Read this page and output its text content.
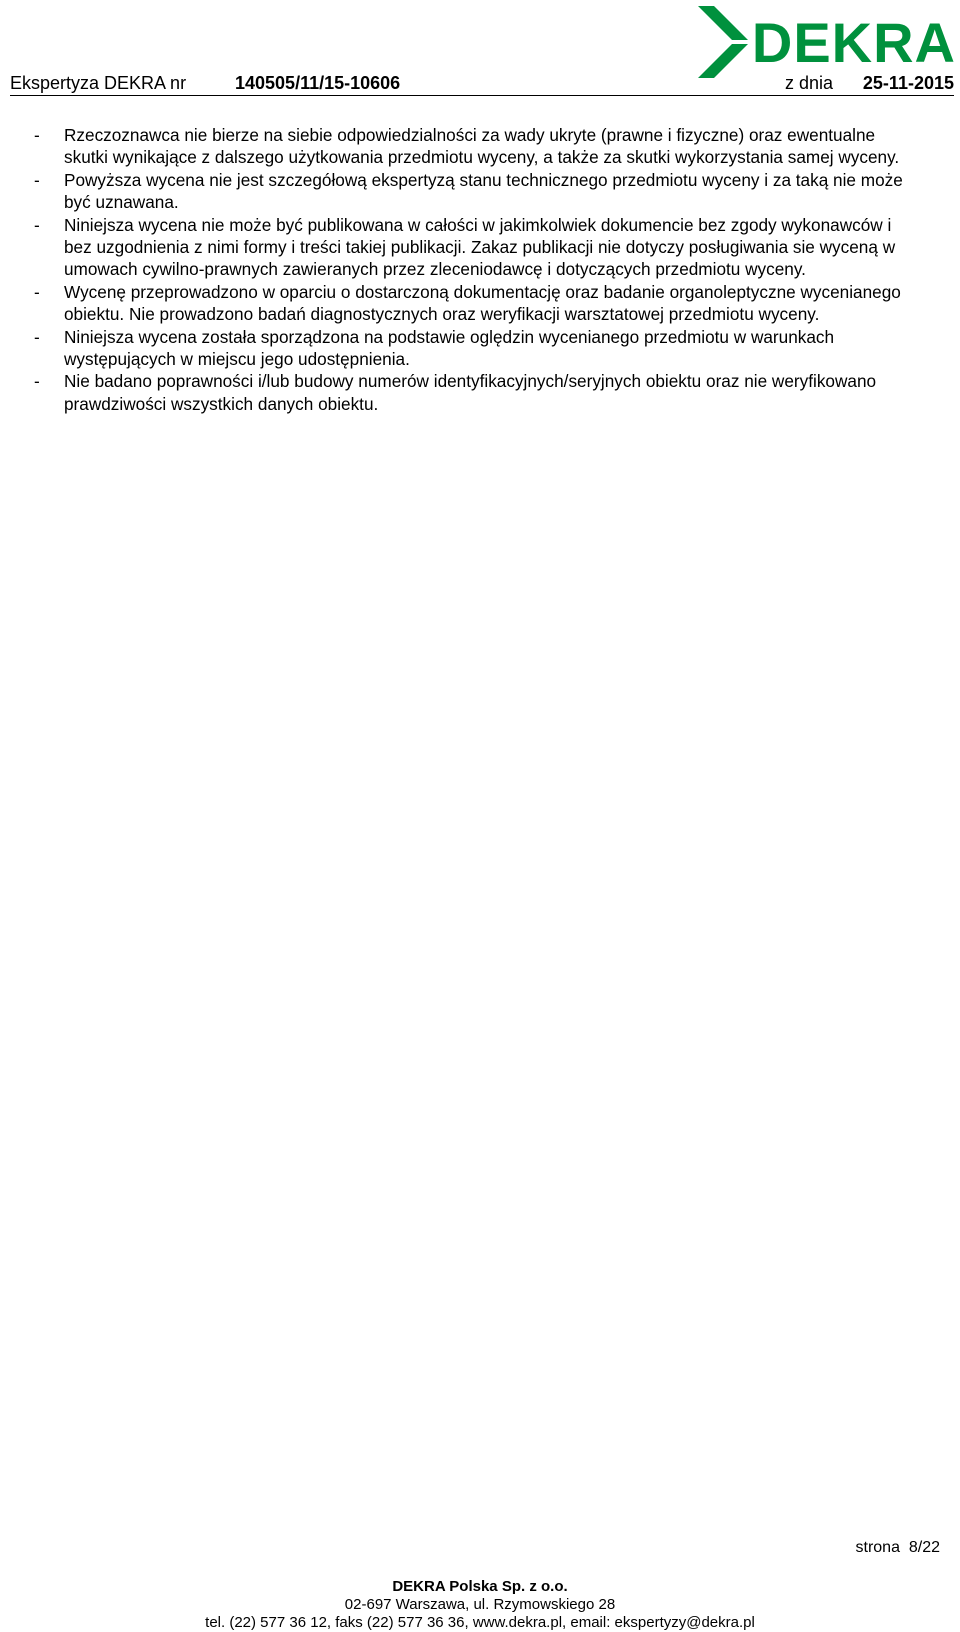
DEKRA
Ekspertyza DEKRA nr	140505/11/15-10606	z dnia 25-11-2015
- Rzeczoznawca nie bierze na siebie odpowiedzialności za wady ukryte (prawne i fizyczne) oraz ewentualne skutki wynikające z dalszego użytkowania przedmiotu wyceny, a także za skutki wykorzystania samej wyceny.
- Powyższa wycena nie jest szczegółową ekspertyzą stanu technicznego przedmiotu wyceny i za taką nie może być uznawana.
- Niniejsza wycena nie może być publikowana w całości w jakimkolwiek dokumencie bez zgody wykonawców i bez uzgodnienia z nimi formy i treści takiej publikacji. Zakaz publikacji nie dotyczy posługiwania sie wyceną w umowach cywilno-prawnych zawieranych przez zleceniodawcę i dotyczących przedmiotu wyceny.
- Wycenę przeprowadzono w oparciu o dostarczoną dokumentację oraz badanie organoleptyczne wycenianego obiektu. Nie prowadzono badań diagnostycznych oraz weryfikacji warsztatowej przedmiotu wyceny.
- Niniejsza wycena została sporządzona na podstawie oględzin wycenianego przedmiotu w warunkach występujących w miejscu jego udostępnienia.
- Nie badano poprawności i/lub budowy numerów identyfikacyjnych/seryjnych obiektu oraz nie weryfikowano prawdziwości wszystkich danych obiektu.
strona 8/22
DEKRA Polska Sp. z o.o.
02-697 Warszawa, ul. Rzymowskiego 28
tel. (22) 577 36 12, faks (22) 577 36 36, www.dekra.pl, email: ekspertyzy@dekra.pl
